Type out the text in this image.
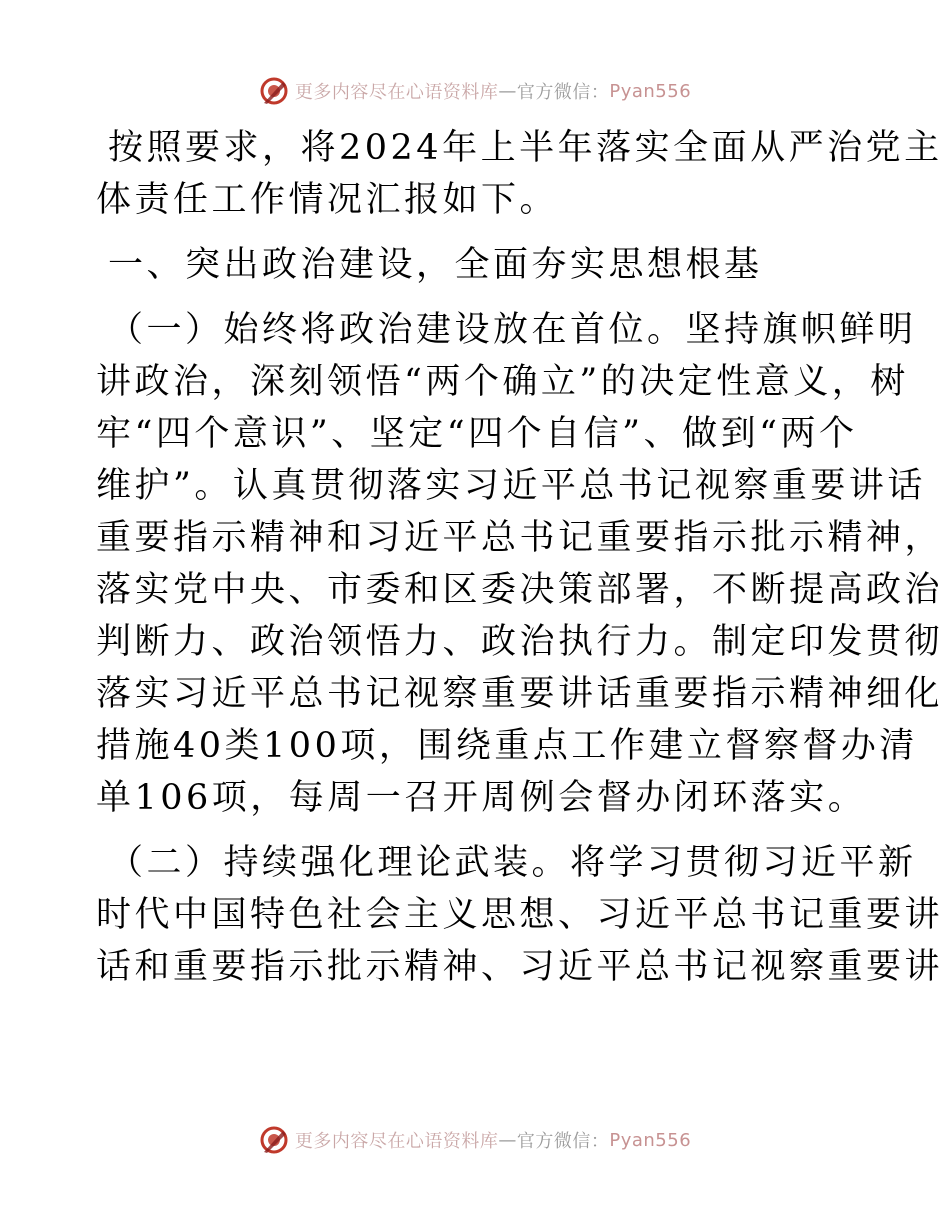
更多内容尽在心语资料库 — 官方微信： Pyan556
按照要求，将2024年上半年落实全面从严治党主
体责任工作情况汇报如下。
一、突出政治建设，全面夯实思想根基
（一）始终将政治建设放在首位。坚持旗帜鲜明
讲政治，深刻领悟“两个确立”的决定性意义，树
牢“四个意识”、坚定“四个自信”、做到“两个
维护”。认真贯彻落实习近平总书记视察重要讲话
重要指示精神和习近平总书记重要指示批示精神，
落实党中央、市委和区委决策部署，不断提高政治
判断力、政治领悟力、政治执行力。制定印发贯彻
落实习近平总书记视察重要讲话重要指示精神细化
措施40类100项，围绕重点工作建立督察督办清
单106项，每周一召开周例会督办闭环落实。
（二）持续强化理论武装。将学习贯彻习近平新
时代中国特色社会主义思想、习近平总书记重要讲
话和重要指示批示精神、习近平总书记视察重要讲
更多内容尽在心语资料库 — 官方微信： Pyan556
